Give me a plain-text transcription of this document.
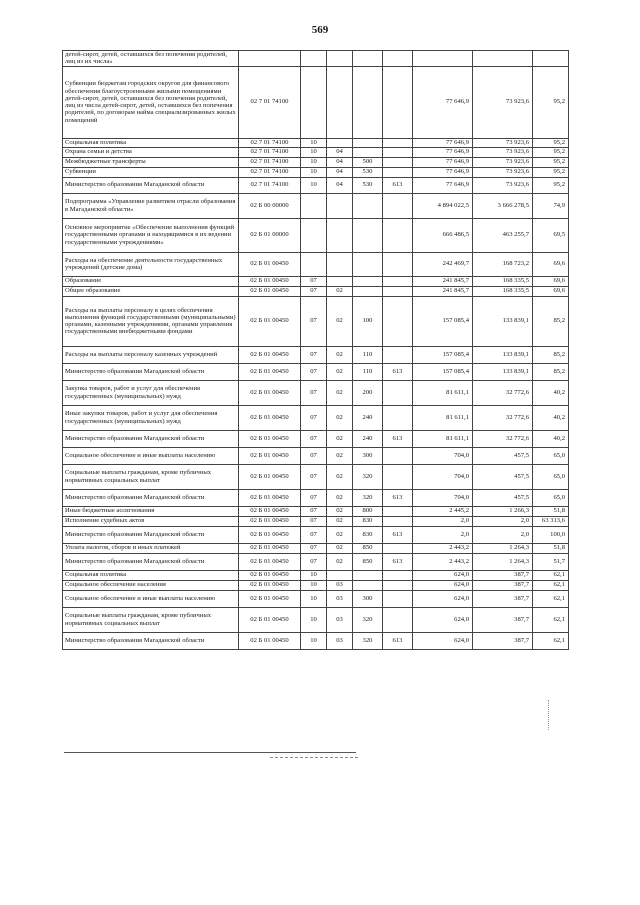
569
детей-сирот, детей, оставшихся без попечения родителей, лиц из их числа»								
Субвенции бюджетам городских округов для финансового обеспечения благоустроенными жилыми помещениями детей-сирот, детей, оставшихся без попечения родителей, лиц из числа детей-сирот, детей, оставшихся без попечения родителей, по договорам найма специализированных жилых помещений	02 7 01 74100					77 646,9	73 923,6	95,2
Социальная политика	02 7 01 74100	10				77 646,9	73 923,6	95,2
Охрана семьи и детства	02 7 01 74100	10	04			77 646,9	73 923,6	95,2
Межбюджетные трансферты	02 7 01 74100	10	04	500		77 646,9	73 923,6	95,2
Субвенции	02 7 01 74100	10	04	530		77 646,9	73 923,6	95,2
Министерство образования Магаданской области	02 7 01 74100	10	04	530	613	77 646,9	73 923,6	95,2
Подпрограмма «Управление развитием отрасли образования в Магаданской области»	02 Б 00 00000					4 894 022,5	3 666 278,5	74,9
Основное мероприятие «Обеспечение выполнения функций государственными органами и находящимися в их ведении государственными учреждениями»	02 Б 01 00000					666 486,5	463 255,7	69,5
Расходы на обеспечение деятельности государственных учреждений (детские дома)	02 Б 01 00450					242 469,7	168 723,2	69,6
Образование	02 Б 01 00450	07				241 845,7	168 335,5	69,6
Общее образование	02 Б 01 00450	07	02			241 845,7	168 335,5	69,6
Расходы на выплаты персоналу в целях обеспечения выполнения функций государственными (муниципальными) органами, казенными учреждениями, органами управления государственными внебюджетными фондами	02 Б 01 00450	07	02	100		157 085,4	133 839,1	85,2
Расходы на выплаты персоналу казенных учреждений	02 Б 01 00450	07	02	110		157 085,4	133 839,1	85,2
Министерство образования Магаданской области	02 Б 01 00450	07	02	110	613	157 085,4	133 839,1	85,2
Закупка товаров, работ и услуг для обеспечения государственных (муниципальных) нужд	02 Б 01 00450	07	02	200		81 611,1	32 772,6	40,2
Иные закупки товаров, работ и услуг для обеспечения государственных (муниципальных) нужд	02 Б 01 00450	07	02	240		81 611,1	32 772,6	40,2
Министерство образования Магаданской области	02 Б 01 00450	07	02	240	613	81 611,1	32 772,6	40,2
Социальное обеспечение и иные выплаты населению	02 Б 01 00450	07	02	300		704,0	457,5	65,0
Социальные выплаты гражданам, кроме публичных нормативных социальных выплат	02 Б 01 00450	07	02	320		704,0	457,5	65,0
Министерство образования Магаданской области	02 Б 01 00450	07	02	320	613	704,0	457,5	65,0
Иные бюджетные ассигнования	02 Б 01 00450	07	02	800		2 445,2	1 266,3	51,8
Исполнение судебных актов	02 Б 01 00450	07	02	830		2,0	2,0	63 313,6
Министерство образования Магаданской области	02 Б 01 00450	07	02	830	613	2,0	2,0	100,0
Уплата налогов, сборов и иных платежей	02 Б 01 00450	07	02	850		2 443,2	1 264,3	51,8
Министерство образования Магаданской области	02 Б 01 00450	07	02	850	613	2 443,2	1 264,3	51,7
Социальная политика	02 Б 01 00450	10				624,0	387,7	62,1
Социальное обеспечение населения	02 Б 01 00450	10	03			624,0	387,7	62,1
Социальное обеспечение и иные выплаты населению	02 Б 01 00450	10	03	300		624,0	387,7	62,1
Социальные выплаты гражданам, кроме публичных нормативных социальных выплат	02 Б 01 00450	10	03	320		624,0	387,7	62,1
Министерство образования Магаданской области	02 Б 01 00450	10	03	320	613	624,0	387,7	62,1
